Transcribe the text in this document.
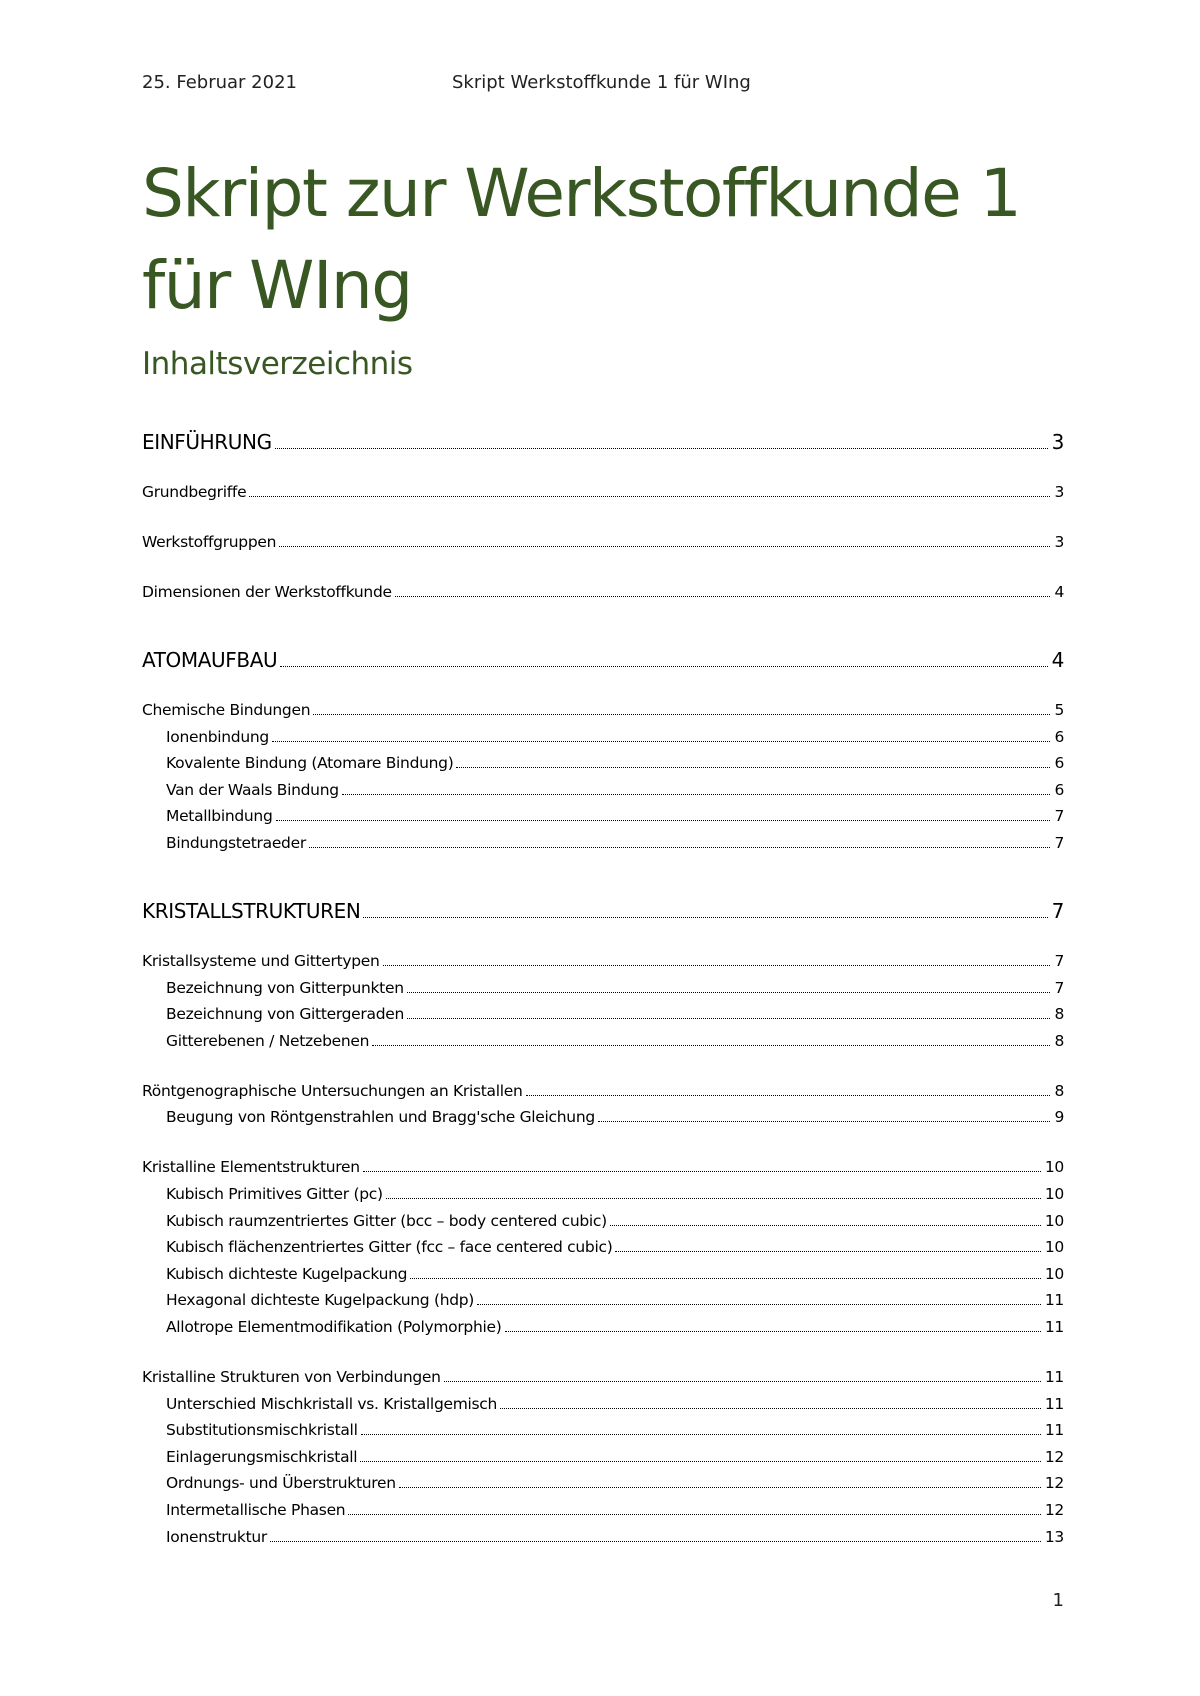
25. Februar 2021	Skript Werkstoffkunde 1 für WIng
Skript zur Werkstoffkunde 1 für WIng
Inhaltsverzeichnis
EINFÜHRUNG	3
Grundbegriffe	3
Werkstoffgruppen	3
Dimensionen der Werkstoffkunde	4
ATOMAUFBAU	4
Chemische Bindungen	5
Ionenbindung	6
Kovalente Bindung (Atomare Bindung)	6
Van der Waals Bindung	6
Metallbindung	7
Bindungstetraeder	7
KRISTALLSTRUKTUREN	7
Kristallsysteme und Gittertypen	7
Bezeichnung von Gitterpunkten	7
Bezeichnung von Gittergeraden	8
Gitterebenen / Netzebenen	8
Röntgenographische Untersuchungen an Kristallen	8
Beugung von Röntgenstrahlen und Bragg'sche Gleichung	9
Kristalline Elementstrukturen	10
Kubisch Primitives Gitter (pc)	10
Kubisch raumzentriertes Gitter (bcc – body centered cubic)	10
Kubisch flächenzentriertes Gitter (fcc – face centered cubic)	10
Kubisch dichteste Kugelpackung	10
Hexagonal dichteste Kugelpackung (hdp)	11
Allotrope Elementmodifikation (Polymorphie)	11
Kristalline Strukturen von Verbindungen	11
Unterschied Mischkristall vs. Kristallgemisch	11
Substitutionsmischkristall	11
Einlagerungsmischkristall	12
Ordnungs- und Überstrukturen	12
Intermetallische Phasen	12
Ionenstruktur	13
1
